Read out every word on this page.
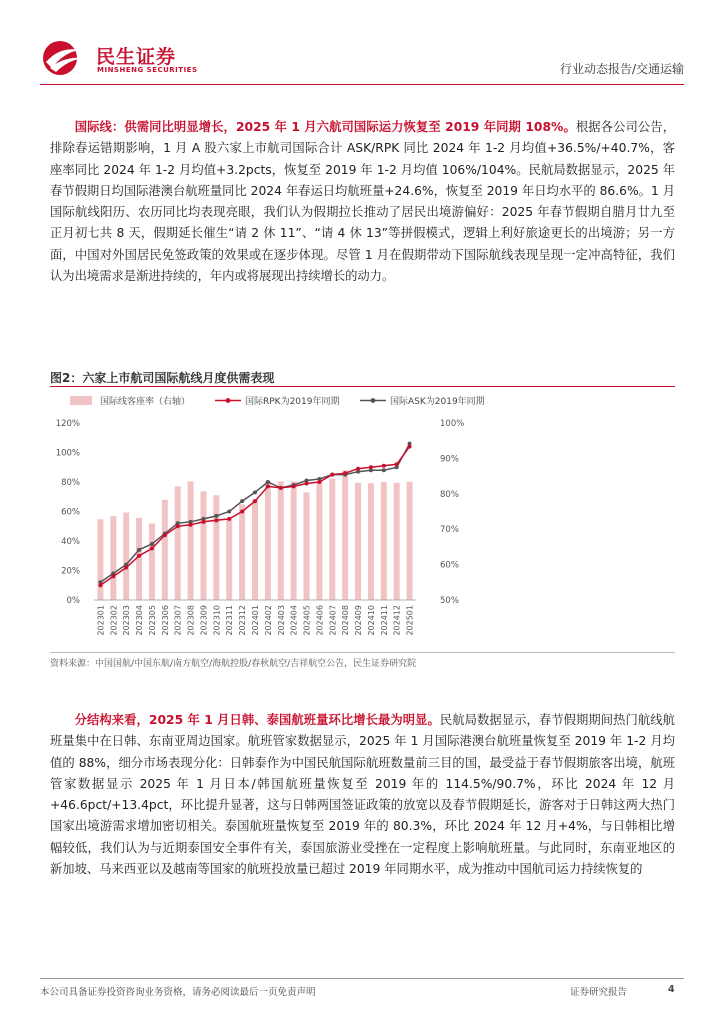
民生证券
MINSHENG SECURITIES	行业动态报告/交通运输
国际线：供需同比明显增长，2025 年 1 月六航司国际运力恢复至 2019 年同期 108%。根据各公司公告，排除春运错期影响，1 月 A 股六家上市航司国际合计 ASK/RPK 同比 2024 年 1-2 月均值+36.5%/+40.7%，客座率同比 2024 年 1-2 月均值+3.2pcts，恢复至 2019 年 1-2 月均值 106%/104%。民航局数据显示，2025 年春节假期日均国际港澳台航班量同比 2024 年春运日均航班量+24.6%，恢复至 2019 年日均水平的 86.6%。1 月国际航线阳历、农历同比均表现亮眼，我们认为假期拉长推动了居民出境游偏好：2025 年春节假期自腊月廿九至正月初七共 8 天，假期延长催生“请 2 休 11”、“请 4 休 13”等拼假模式，逻辑上利好旅途更长的出境游；另一方面，中国对外国居民免签政策的效果或在逐步体现。尽管 1 月在假期带动下国际航线表现呈现一定冲高特征，我们认为出境需求是渐进持续的，年内或将展现出持续增长的动力。
图2：六家上市航司国际航线月度供需表现
国际线客座率（右轴）	国际RPK为2019年同期	国际ASK为2019年同期
0%
20%
40%
60%
80%
100%
120%
50%
60%
70%
80%
90%
100%
202301 202302 202303 202304 202305 202306 202307 202308 202309 202310 202311 202312 202401 202402 202403 202404 202405 202406 202407 202408 202409 202410 202411 202412 202501
资料来源：中国国航/中国东航/南方航空/海航控股/春秋航空/吉祥航空公告，民生证券研究院
分结构来看，2025 年 1 月日韩、泰国航班量环比增长最为明显。民航局数据显示，春节假期期间热门航线航班量集中在日韩、东南亚周边国家。航班管家数据显示，2025 年 1 月国际港澳台航班量恢复至 2019 年 1-2 月均值的 88%，细分市场表现分化：日韩泰作为中国民航国际航班数量前三目的国，最受益于春节假期旅客出境，航班管家数据显示 2025 年 1 月日本/韩国航班量恢复至 2019 年的 114.5%/90.7%，环比 2024 年 12 月+46.6pct/+13.4pct，环比提升显著，这与日韩两国签证政策的放宽以及春节假期延长，游客对于日韩这两大热门国家出境游需求增加密切相关。泰国航班量恢复至 2019 年的 80.3%，环比 2024 年 12 月+4%，与日韩相比增幅较低，我们认为与近期泰国安全事件有关，泰国旅游业受挫在一定程度上影响航班量。与此同时，东南亚地区的新加坡、马来西亚以及越南等国家的航班投放量已超过 2019 年同期水平，成为推动中国航司运力持续恢复的
本公司具备证券投资咨询业务资格，请务必阅读最后一页免责声明	证券研究报告	4
